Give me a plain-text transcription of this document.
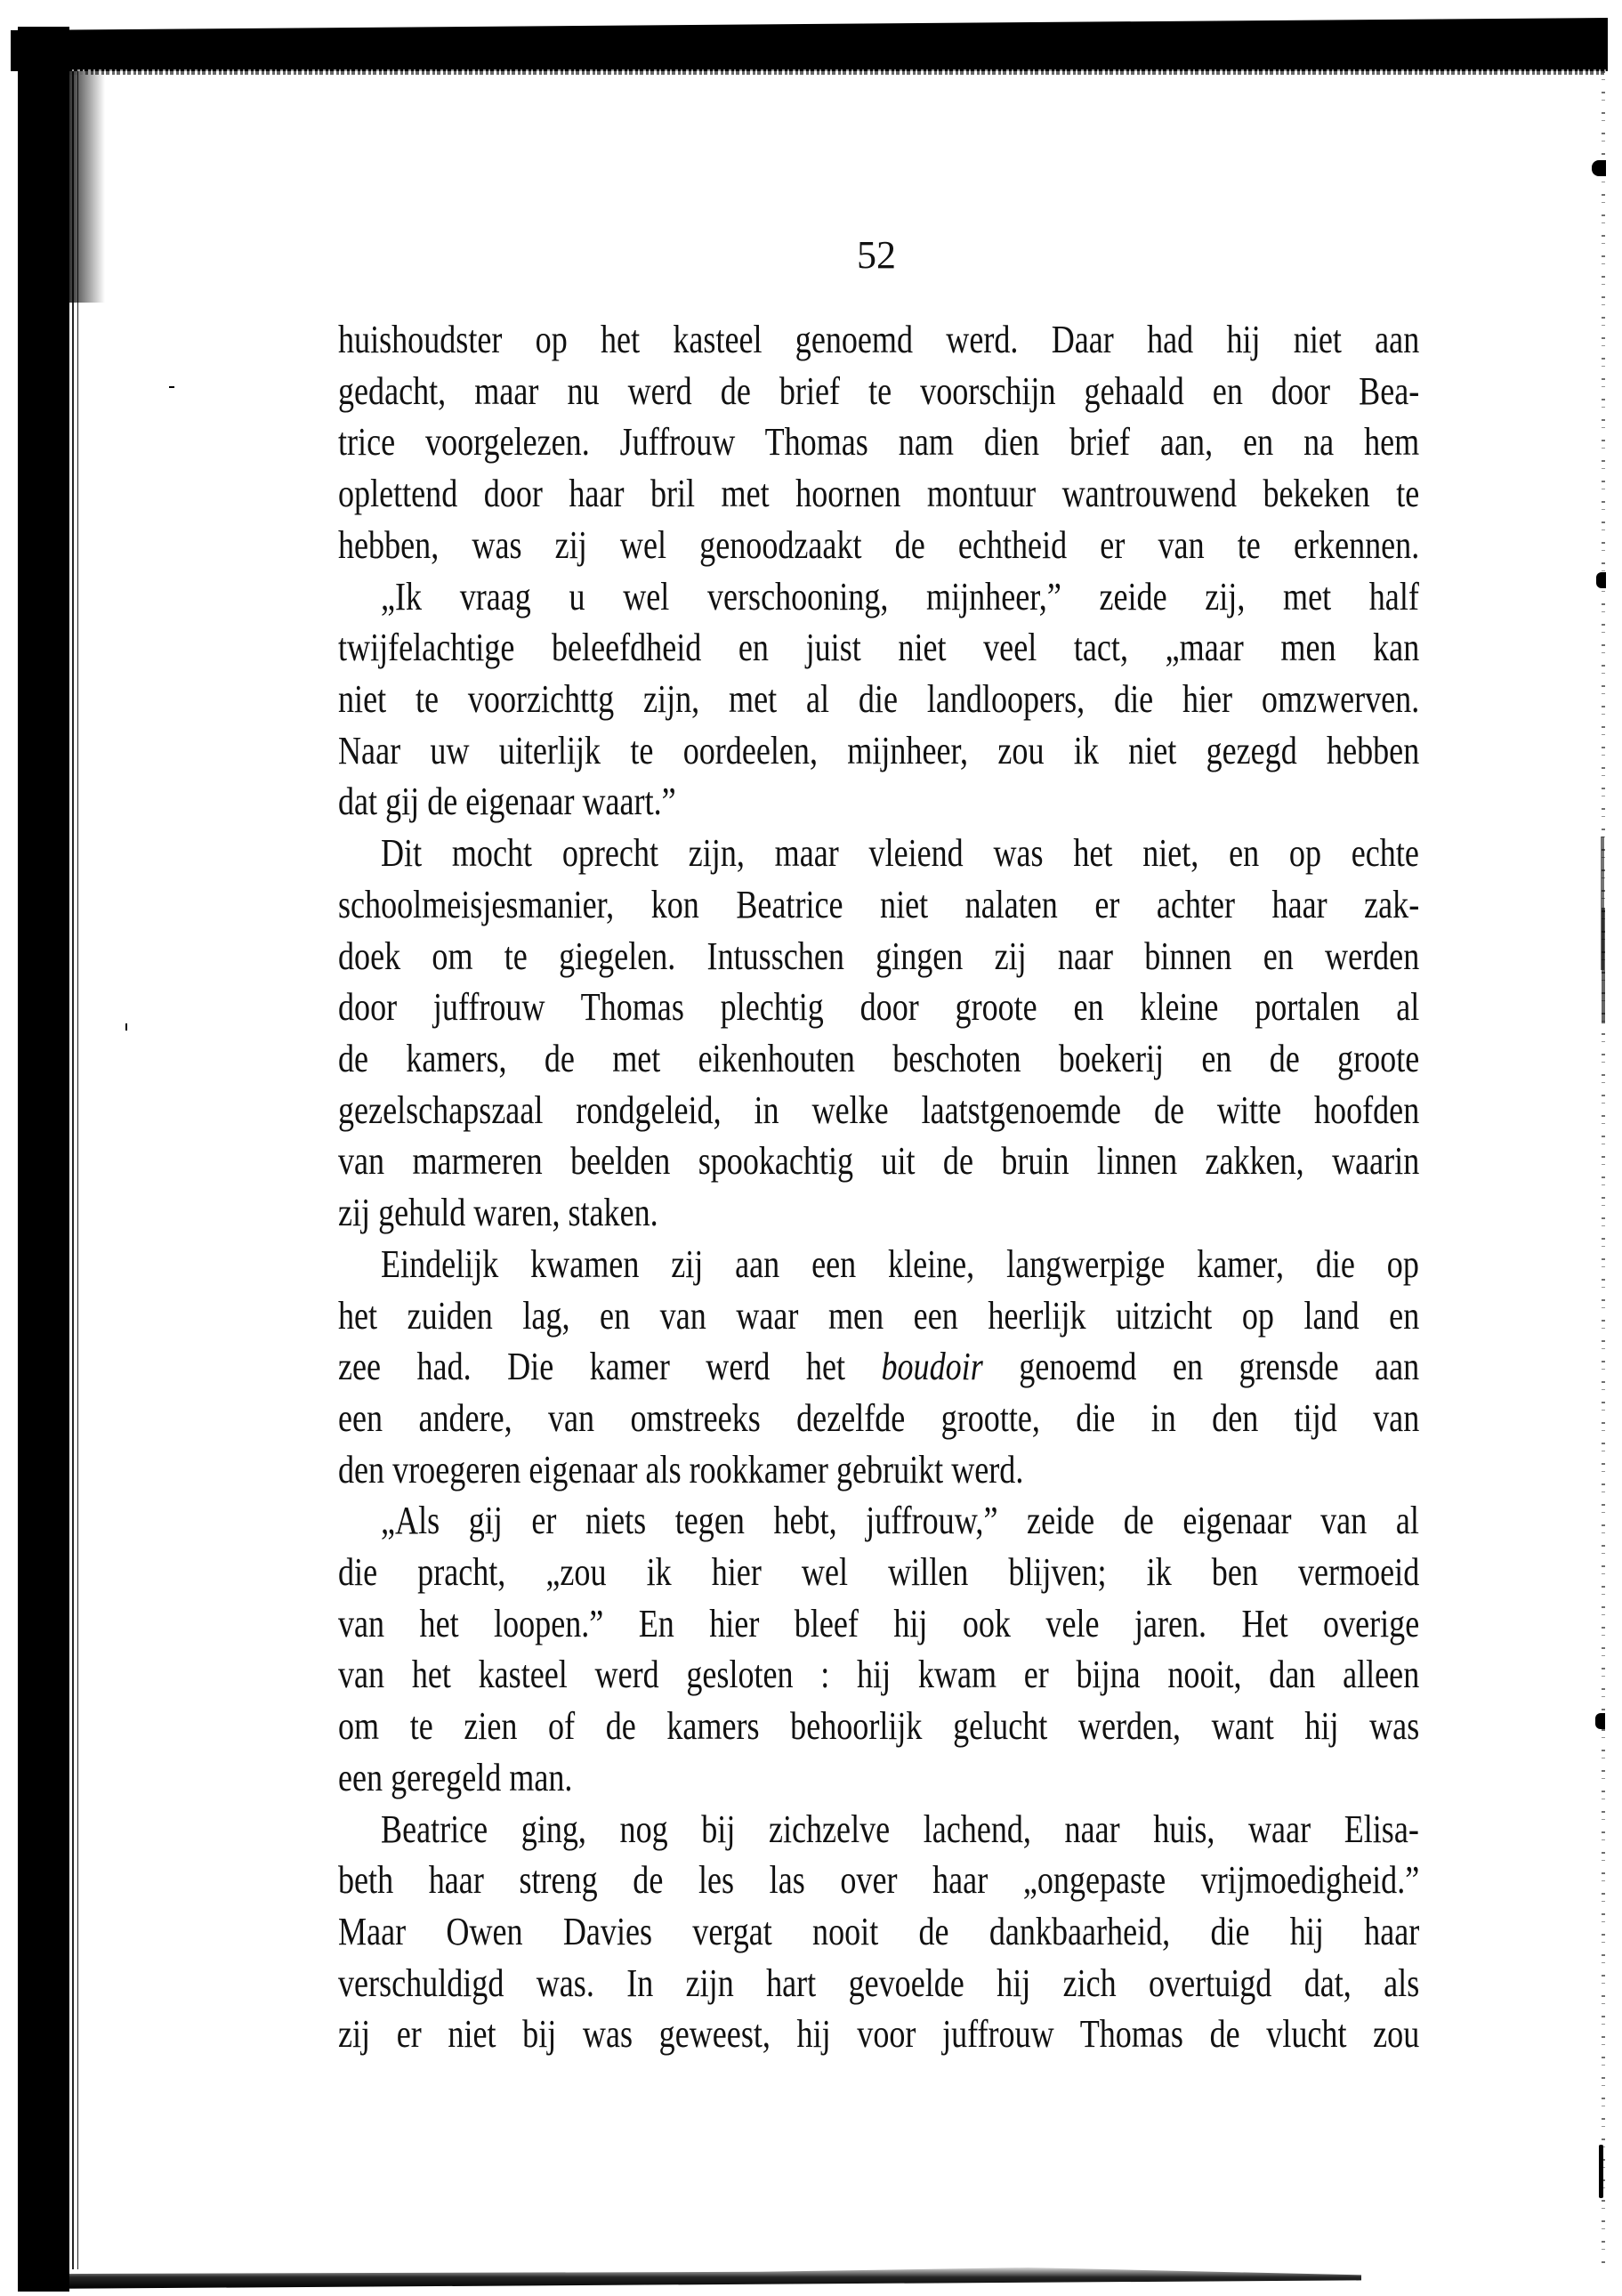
52
huishoudster op het kasteel genoemd werd. Daar had hij niet aan
gedacht, maar nu werd de brief te voorschijn gehaald en door Bea-
trice voorgelezen. Juffrouw Thomas nam dien brief aan, en na hem
oplettend door haar bril met hoornen montuur wantrouwend bekeken te
hebben, was zij wel genoodzaakt de echtheid er van te erkennen.
„Ik vraag u wel verschooning, mijnheer,” zeide zij, met half
twijfelachtige beleefdheid en juist niet veel tact, „maar men kan
niet te voorzichttg zijn, met al die landloopers, die hier omzwerven.
Naar uw uiterlijk te oordeelen, mijnheer, zou ik niet gezegd hebben
dat gij de eigenaar waart.”
Dit mocht oprecht zijn, maar vleiend was het niet, en op echte
schoolmeisjesmanier, kon Beatrice niet nalaten er achter haar zak-
doek om te giegelen. Intusschen gingen zij naar binnen en werden
door juffrouw Thomas plechtig door groote en kleine portalen al
de kamers, de met eikenhouten beschoten boekerij en de groote
gezelschapszaal rondgeleid, in welke laatstgenoemde de witte hoofden
van marmeren beelden spookachtig uit de bruin linnen zakken, waarin
zij gehuld waren, staken.
Eindelijk kwamen zij aan een kleine, langwerpige kamer, die op
het zuiden lag, en van waar men een heerlijk uitzicht op land en
zee had. Die kamer werd het boudoir genoemd en grensde aan
een andere, van omstreeks dezelfde grootte, die in den tijd van
den vroegeren eigenaar als rookkamer gebruikt werd.
„Als gij er niets tegen hebt, juffrouw,” zeide de eigenaar van al
die pracht, „zou ik hier wel willen blijven; ik ben vermoeid
van het loopen.” En hier bleef hij ook vele jaren. Het overige
van het kasteel werd gesloten : hij kwam er bijna nooit, dan alleen
om te zien of de kamers behoorlijk gelucht werden, want hij was
een geregeld man.
Beatrice ging, nog bij zichzelve lachend, naar huis, waar Elisa-
beth haar streng de les las over haar „ongepaste vrijmoedigheid.”
Maar Owen Davies vergat nooit de dankbaarheid, die hij haar
verschuldigd was. In zijn hart gevoelde hij zich overtuigd dat, als
zij er niet bij was geweest, hij voor juffrouw Thomas de vlucht zou
